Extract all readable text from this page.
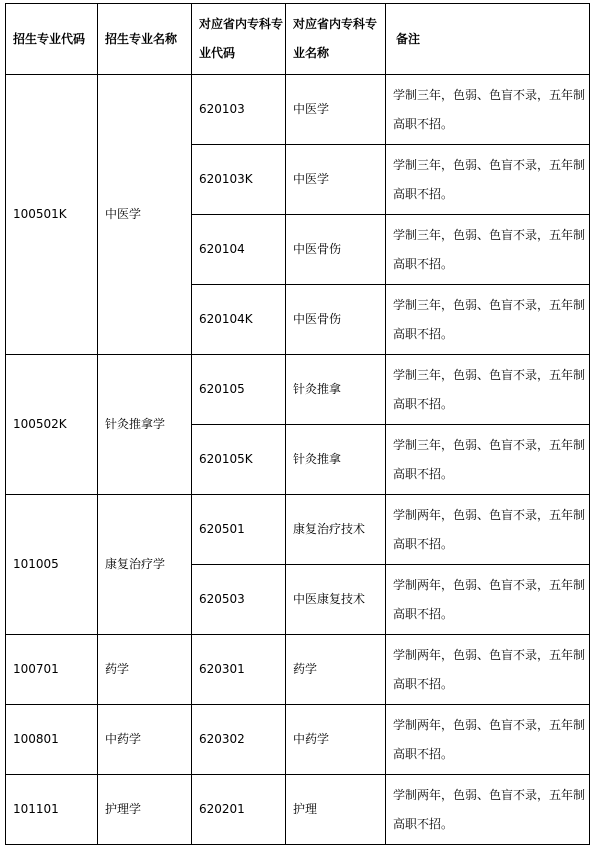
招生专业代码	招生专业名称	对应省内专科专业代码	对应省内专科专业名称	备注
100501K	中医学	620103	中医学	学制三年，色弱、色盲不录，五年制高职不招。
		620103K	中医学	学制三年，色弱、色盲不录，五年制高职不招。
		620104	中医骨伤	学制三年，色弱、色盲不录，五年制高职不招。
		620104K	中医骨伤	学制三年，色弱、色盲不录，五年制高职不招。
100502K	针灸推拿学	620105	针灸推拿	学制三年，色弱、色盲不录，五年制高职不招。
		620105K	针灸推拿	学制三年，色弱、色盲不录，五年制高职不招。
101005	康复治疗学	620501	康复治疗技术	学制两年，色弱、色盲不录，五年制高职不招。
		620503	中医康复技术	学制两年，色弱、色盲不录，五年制高职不招。
100701	药学	620301	药学	学制两年，色弱、色盲不录，五年制高职不招。
100801	中药学	620302	中药学	学制两年，色弱、色盲不录，五年制高职不招。
101101	护理学	620201	护理	学制两年，色弱、色盲不录，五年制高职不招。
